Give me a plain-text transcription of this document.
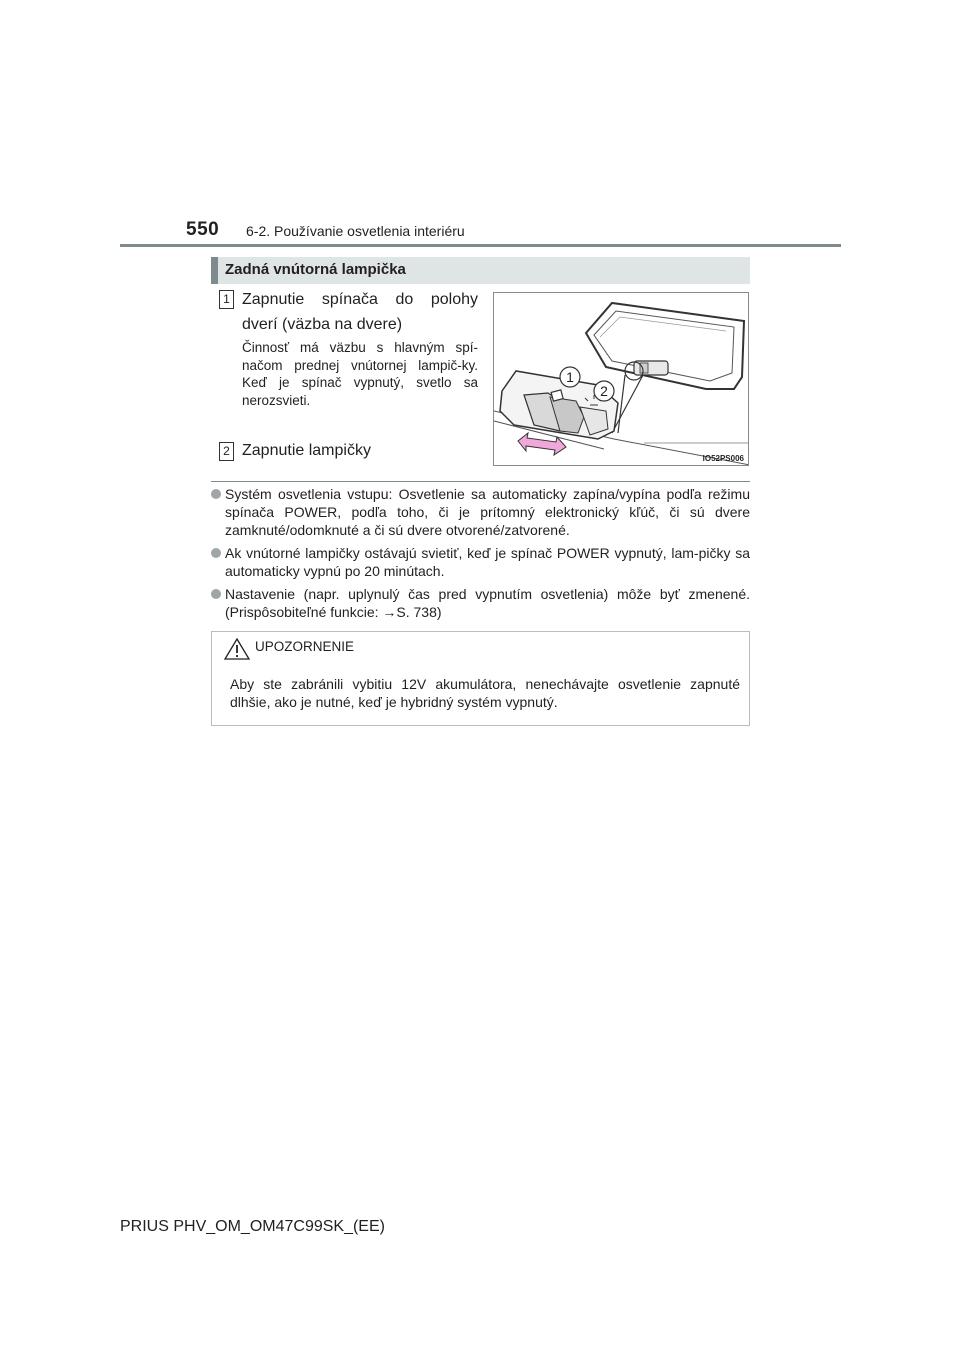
550 6-2. Používanie osvetlenia interiéru
Zadná vnútorná lampička
1 Zapnutie spínača do polohy dverí (väzba na dvere)
Činnosť má väzbu s hlavným spí-načom prednej vnútornej lampič-ky. Keď je spínač vypnutý, svetlo sa nerozsvieti.
2 Zapnutie lampičky
1
2
IO52PS006
Systém osvetlenia vstupu: Osvetlenie sa automaticky zapína/vypína podľa režimu spínača POWER, podľa toho, či je prítomný elektronický kľúč, či sú dvere zamknuté/odomknuté a či sú dvere otvorené/zatvorené.
Ak vnútorné lampičky ostávajú svietiť, keď je spínač POWER vypnutý, lam-pičky sa automaticky vypnú po 20 minútach.
Nastavenie (napr. uplynulý čas pred vypnutím osvetlenia) môže byť zmenené. (Prispôsobiteľné funkcie: →S. 738)
UPOZORNENIE
Aby ste zabránili vybitiu 12V akumulátora, nenechávajte osvetlenie zapnuté dlhšie, ako je nutné, keď je hybridný systém vypnutý.
PRIUS PHV_OM_OM47C99SK_(EE)
